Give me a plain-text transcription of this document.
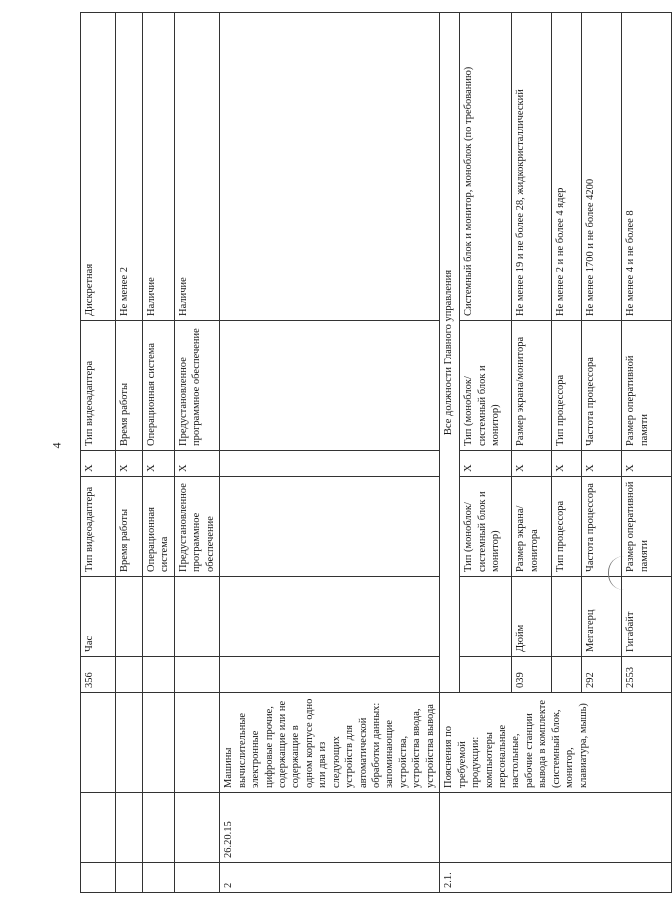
4
			356	Час	Тип видеоадаптера	X	Тип видеоадаптера	Дискретная
					Время работы	X	Время работы	Не менее 2
					Операционная система	X	Операционная система	Наличие
					Предустановленное программное обеспечение	X	Предустановленное программное обеспечение	Наличие
2	26.20.15	Машины вычислительные электронные цифровые прочие, содержащие или не содержащие в одном корпусе одно или два из следующих устройств для автоматической обработки данных: запоминающие устройства, устройства ввода, устройства вывода						
2.1.		Пояснения по требуемой продукции: компьютеры персональные настольные, рабочие станции вывода в комплекте (системный блок, монитор, клавиатура, мышь)	Все должности Главного управления					
					Тип (моноблок/системный блок и монитор)	X	Тип (моноблок/ системный блок и монитор)	Системный блок и монитор, моноблок (по требованию)
			039	Дюйм	Размер экрана/монитора	X	Размер экрана/монитора	Не менее 19 и не более 28, жидкокристаллический
					Тип процессора	X	Тип процессора	Не менее 2 и не более 4 ядер
			292	Мегагерц	Частота процессора	X	Частота процессора	Не менее 1700 и не более 4200
			2553	Гигабайт	Размер оперативной памяти	X	Размер оперативной памяти	Не менее 4 и не более 8
